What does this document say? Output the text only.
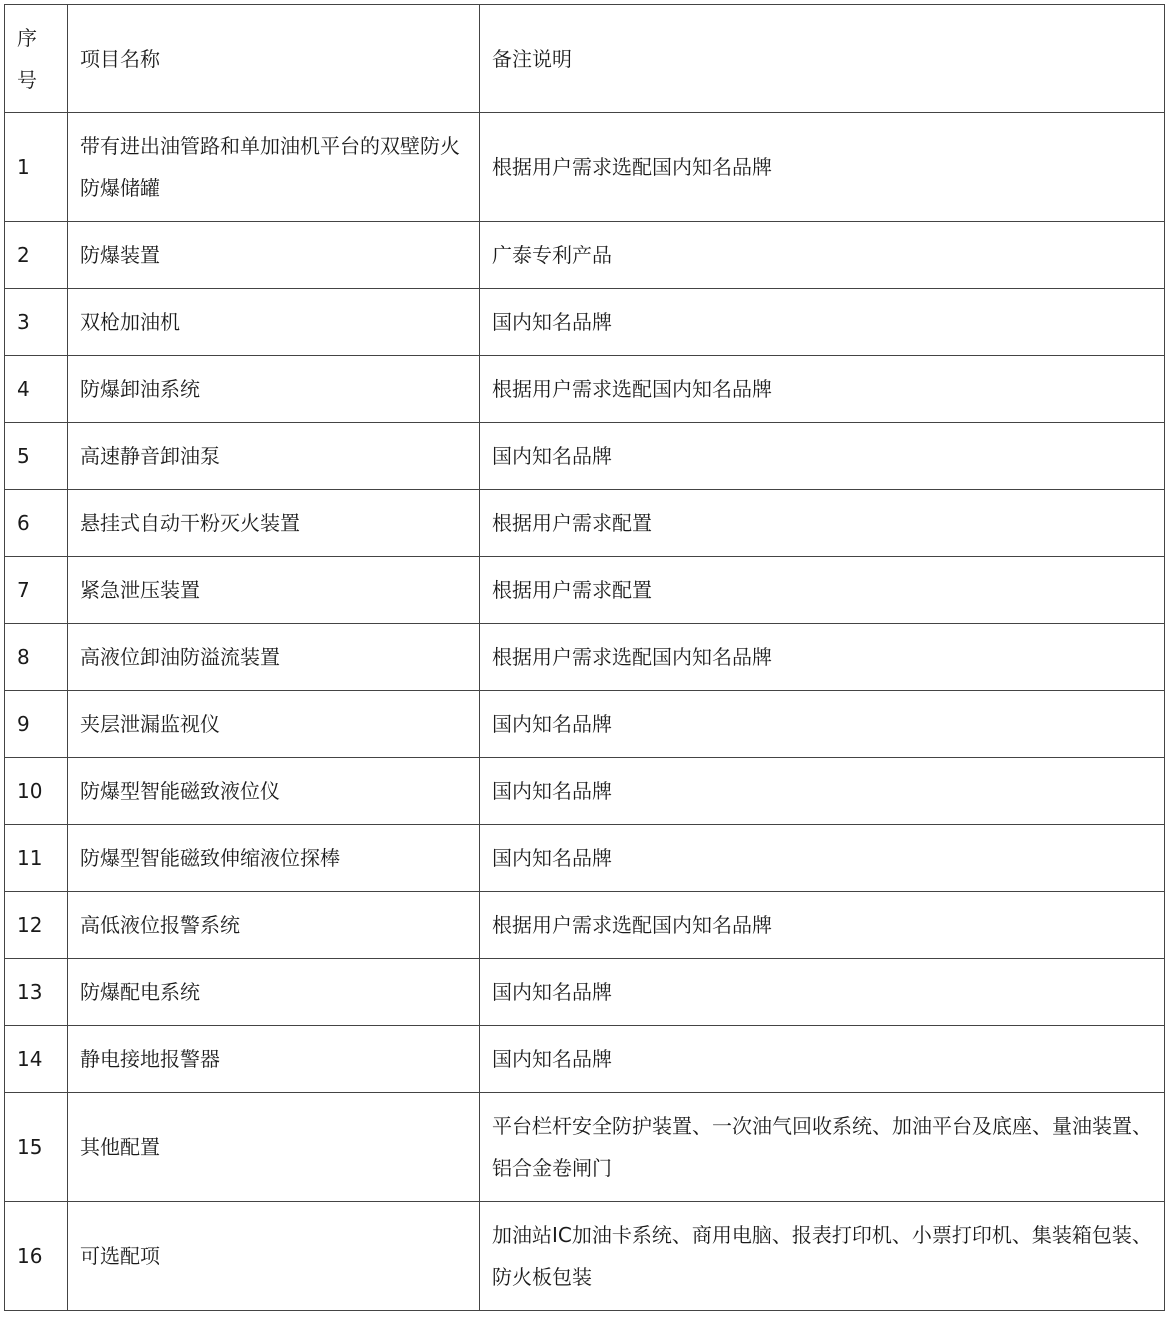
序号	项目名称	备注说明
1	带有进出油管路和单加油机平台的双壁防火防爆储罐	根据用户需求选配国内知名品牌
2	防爆装置	广泰专利产品
3	双枪加油机	国内知名品牌
4	防爆卸油系统	根据用户需求选配国内知名品牌
5	高速静音卸油泵	国内知名品牌
6	悬挂式自动干粉灭火装置	根据用户需求配置
7	紧急泄压装置	根据用户需求配置
8	高液位卸油防溢流装置	根据用户需求选配国内知名品牌
9	夹层泄漏监视仪	国内知名品牌
10	防爆型智能磁致液位仪	国内知名品牌
11	防爆型智能磁致伸缩液位探棒	国内知名品牌
12	高低液位报警系统	根据用户需求选配国内知名品牌
13	防爆配电系统	国内知名品牌
14	静电接地报警器	国内知名品牌
15	其他配置	平台栏杆安全防护装置、一次油气回收系统、加油平台及底座、量油装置、铝合金卷闸门
16	可选配项	加油站IC加油卡系统、商用电脑、报表打印机、小票打印机、集装箱包装、防火板包装
